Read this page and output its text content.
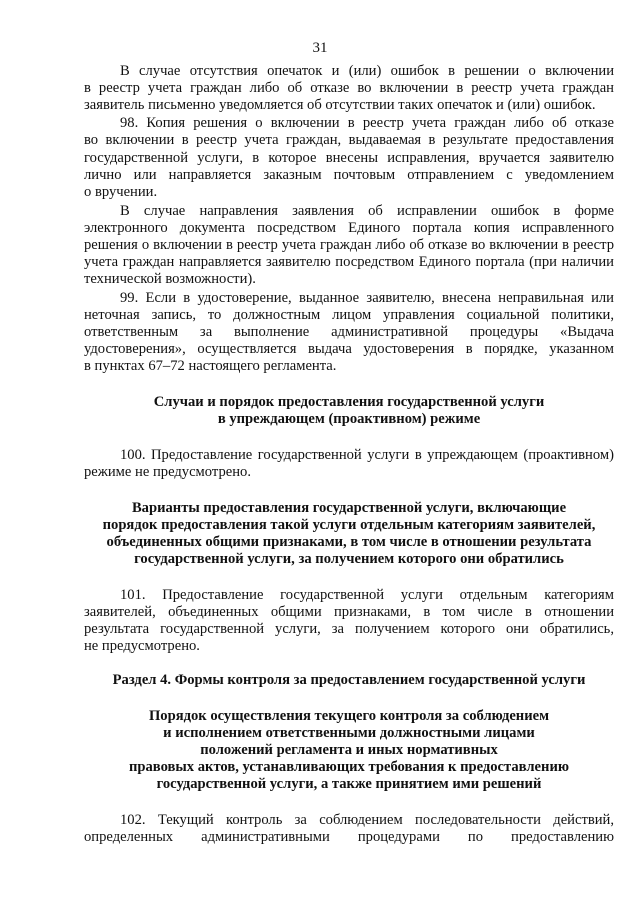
31
В случае отсутствия опечаток и (или) ошибок в решении о включении
в реестр учета граждан либо об отказе во включении в реестр учета граждан
заявитель письменно уведомляется об отсутствии таких опечаток и (или) ошибок.
98. Копия решения о включении в реестр учета граждан либо об отказе
во включении в реестр учета граждан, выдаваемая в результате предоставления
государственной услуги, в которое внесены исправления, вручается заявителю
лично или направляется заказным почтовым отправлением с уведомлением
о вручении.
В случае направления заявления об исправлении ошибок в форме
электронного документа посредством Единого портала копия исправленного
решения о включении в реестр учета граждан либо об отказе во включении в реестр
учета граждан направляется заявителю посредством Единого портала (при наличии
технической возможности).
99. Если в удостоверение, выданное заявителю, внесена неправильная или
неточная запись, то должностным лицом управления социальной политики,
ответственным за выполнение административной процедуры «Выдача
удостоверения», осуществляется выдача удостоверения в порядке, указанном
в пунктах 67–72 настоящего регламента.
Случаи и порядок предоставления государственной услуги
в упреждающем (проактивном) режиме
100. Предоставление государственной услуги в упреждающем (проактивном)
режиме не предусмотрено.
Варианты предоставления государственной услуги, включающие
порядок предоставления такой услуги отдельным категориям заявителей,
объединенных общими признаками, в том числе в отношении результата
государственной услуги, за получением которого они обратились
101. Предоставление государственной услуги отдельным категориям
заявителей, объединенных общими признаками, в том числе в отношении
результата государственной услуги, за получением которого они обратились,
не предусмотрено.
Раздел 4. Формы контроля за предоставлением государственной услуги
Порядок осуществления текущего контроля за соблюдением
и исполнением ответственными должностными лицами
положений регламента и иных нормативных
правовых актов, устанавливающих требования к предоставлению
государственной услуги, а также принятием ими решений
102. Текущий контроль за соблюдением последовательности действий,
определенных административными процедурами по предоставлению
